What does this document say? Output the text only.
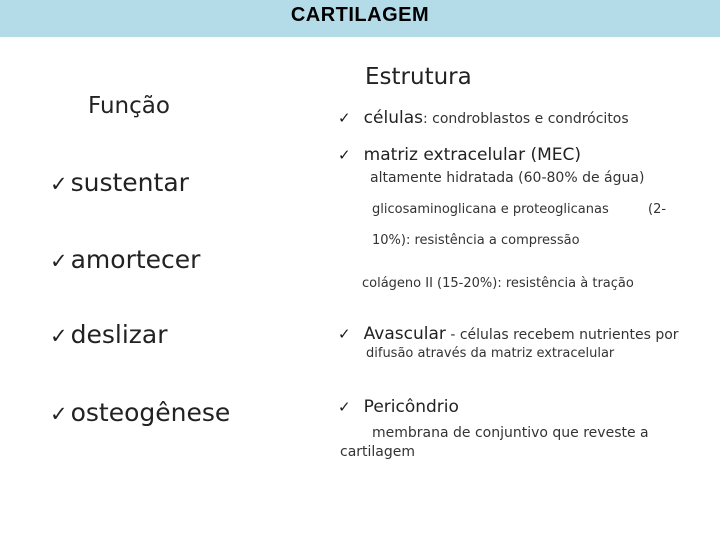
CARTILAGEM
Função
✓ sustentar
✓ amortecer
✓ deslizar
✓ osteogênese
Estrutura
✓ células: condroblastos e condrócitos
✓ matriz extracelular (MEC)
altamente hidratada (60-80% de água)
glicosaminoglicana e proteoglicanas	(2-
10%): resistência a compressão
colágeno II (15-20%): resistência à tração
✓ Avascular - células recebem nutrientes por
difusão através da matriz extracelular
✓ Pericôndrio
membrana de conjuntivo que reveste a
cartilagem
